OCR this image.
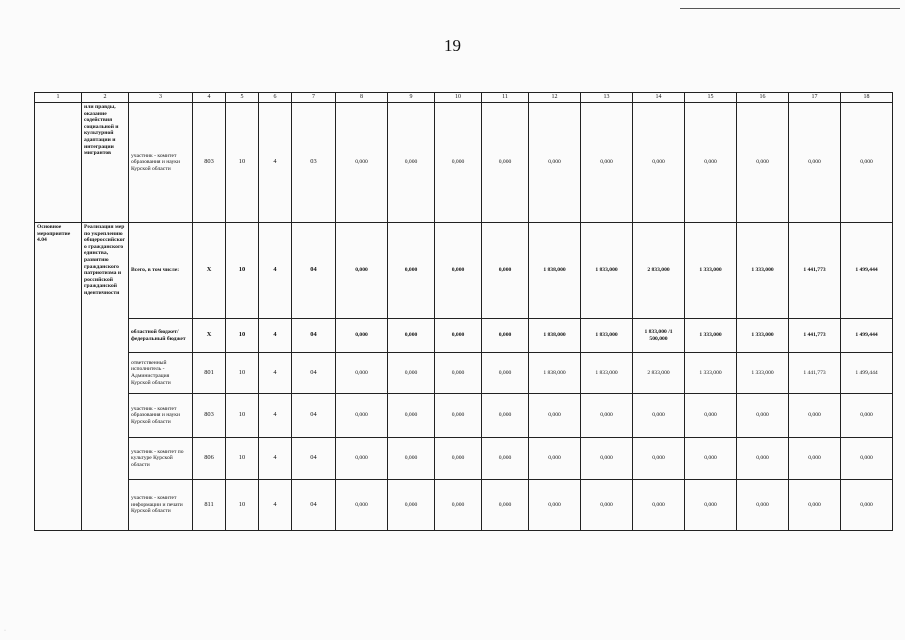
19
1	2	3	4	5	6	7	8	9	10	11	12	13	14	15	16	17	18
	или правды, оказание содействия социальной и культурной адаптации и интеграции мигрантов	участник - комитет образования и науки Курской области	803	10	4	03	0,000	0,000	0,000	0,000	0,000	0,000	0,000	0,000	0,000	0,000	0,000
Основное мероприятие 4.04	Реализация мер по укреплению общероссийского гражданского единства, развитию гражданского патриотизма и российской гражданской идентичности	Всего, в том числе:	X	10	4	04	0,000	0,000	0,000	0,000	1 838,000	1 833,000	2 833,000	1 333,000	1 333,000	1 441,773	1 499,444
		областной бюджет/ федеральный бюджет	X	10	4	04	0,000	0,000	0,000	0,000	1 838,000	1 833,000	1 833,000 /1 500,000	1 333,000	1 333,000	1 441,773	1 499,444
		ответственный исполнитель - Администрация Курской области	801	10	4	04	0,000	0,000	0,000	0,000	1 838,000	1 833,000	2 833,000	1 333,000	1 333,000	1 441,773	1 499,444
		участник - комитет образования и науки Курской области	803	10	4	04	0,000	0,000	0,000	0,000	0,000	0,000	0,000	0,000	0,000	0,000	0,000
		участник - комитет по культуре Курской области	806	10	4	04	0,000	0,000	0,000	0,000	0,000	0,000	0,000	0,000	0,000	0,000	0,000
		участник - комитет информации и печати Курской области	811	10	4	04	0,000	0,000	0,000	0,000	0,000	0,000	0,000	0,000	0,000	0,000	0,000
·
